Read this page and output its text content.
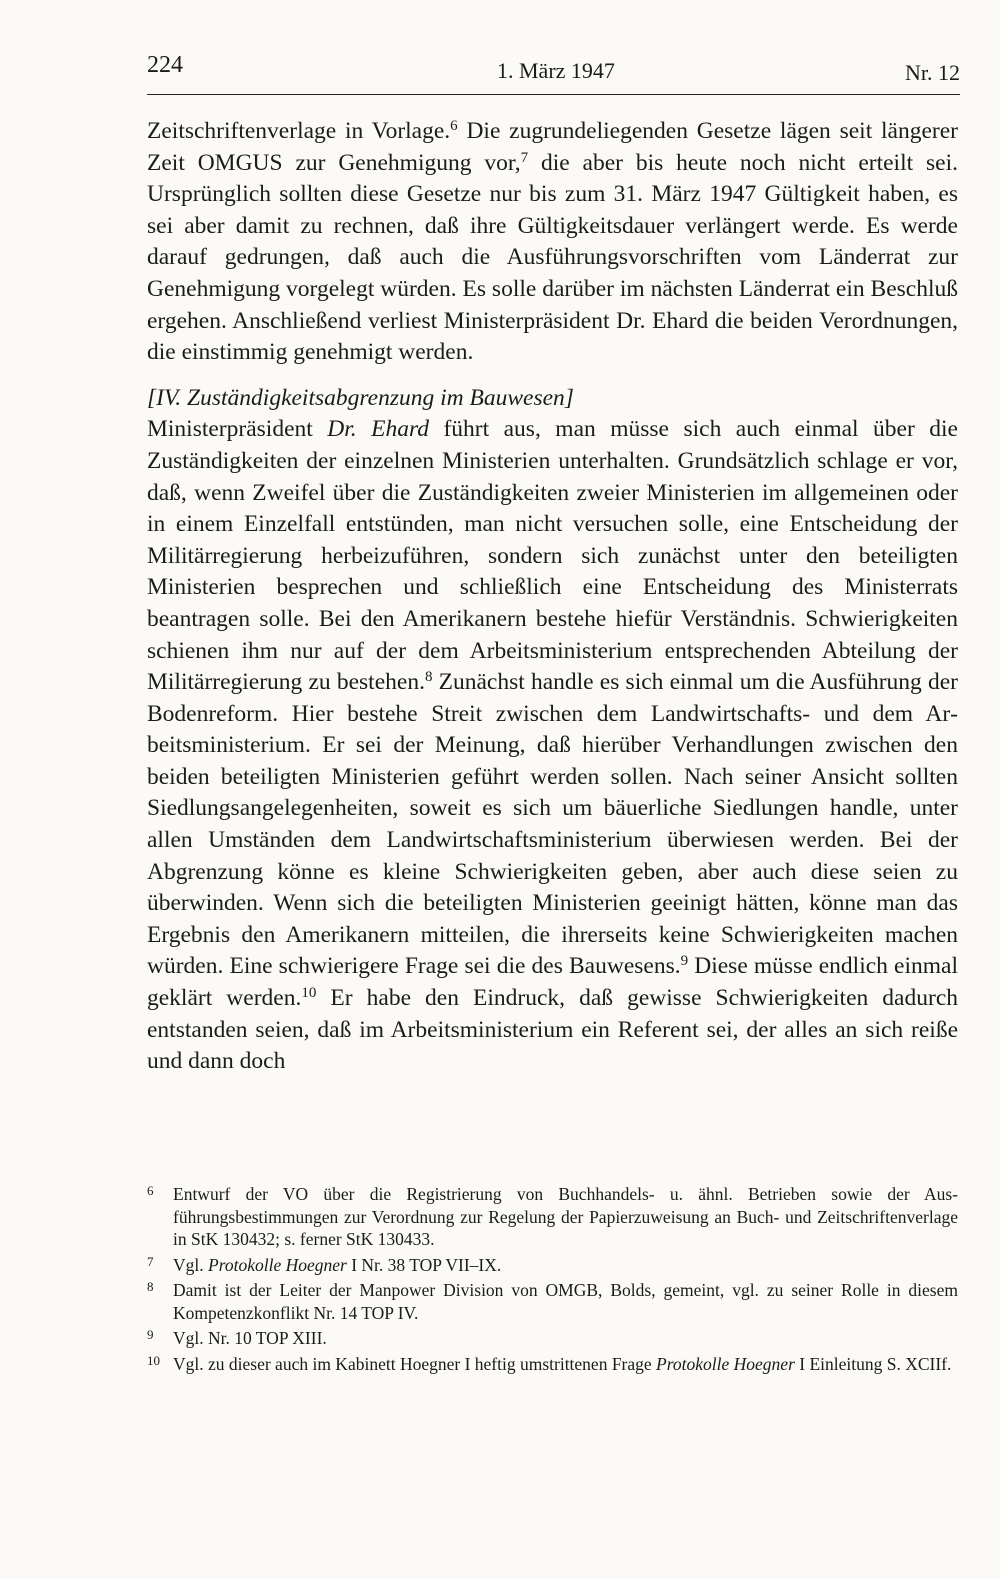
224	1. März 1947	Nr. 12

Zeitschriftenverlage in Vorlage.$^6$ Die zugrundeliegenden Gesetze lägen seit längerer Zeit OMGUS zur Genehmigung vor,$^7$ die aber bis heute noch nicht erteilt sei. Ursprünglich sollten diese Gesetze nur bis zum 31. März 1947 Gültigkeit haben, es sei aber damit zu rechnen, daß ihre Gültigkeitsdauer verlängert werde. Es werde darauf gedrungen, daß auch die Ausführungsvorschriften vom Länderrat zur Genehmigung vorgelegt würden. Es solle darüber im nächsten Länderrat ein Beschluß ergehen. Anschließend verliest Ministerpräsident Dr. Ehard die beiden Verordnungen, die einstimmig genehmigt werden.

[IV. Zuständigkeitsabgrenzung im Bauwesen]

Ministerpräsident Dr. Ehard führt aus, man müsse sich auch einmal über die Zuständigkeiten der einzelnen Ministerien unterhalten. Grundsätzlich schlage er vor, daß, wenn Zweifel über die Zuständigkeiten zweier Ministerien im allgemeinen oder in einem Einzelfall entstünden, man nicht versuchen solle, eine Entscheidung der Militärregierung herbeizuführen, sondern sich zunächst unter den beteiligten Ministerien besprechen und schließlich eine Entscheidung des Ministerrats beantragen solle. Bei den Amerikanern bestehe hiefür Verständnis. Schwierigkeiten schienen ihm nur auf der dem Arbeitsministerium entsprechenden Abteilung der Militärregierung zu bestehen.$^8$ Zunächst handle es sich einmal um die Ausführung der Bodenreform. Hier bestehe Streit zwischen dem Landwirtschafts- und dem Arbeitsministerium. Er sei der Meinung, daß hierüber Verhandlungen zwischen den beiden beteiligten Ministerien geführt werden sollen. Nach seiner Ansicht sollten Siedlungsangelegenheiten, soweit es sich um bäuerliche Siedlungen handle, unter allen Umständen dem Landwirtschaftsministerium überwiesen werden. Bei der Abgrenzung könne es kleine Schwierigkeiten geben, aber auch diese seien zu überwinden. Wenn sich die beteiligten Ministerien geeinigt hätten, könne man das Ergebnis den Amerikanern mitteilen, die ihrerseits keine Schwierigkeiten machen würden. Eine schwierigere Frage sei die des Bauwesens.$^9$ Diese müsse endlich einmal geklärt werden.$^{10}$ Er habe den Eindruck, daß gewisse Schwierigkeiten dadurch entstanden seien, daß im Arbeitsministerium ein Referent sei, der alles an sich reiße und dann doch

6 Entwurf der VO über die Registrierung von Buchhandels- u. ähnl. Betrieben sowie der Ausführungsbestimmungen zur Verordnung zur Regelung der Papierzuweisung an Buch- und Zeitschriftenverlage in StK 130432; s. ferner StK 130433.

7 Vgl. Protokolle Hoegner I Nr. 38 TOP VII–IX.

8 Damit ist der Leiter der Manpower Division von OMGB, Bolds, gemeint, vgl. zu seiner Rolle in diesem Kompetenzkonflikt Nr. 14 TOP IV.

9 Vgl. Nr. 10 TOP XIII.

10 Vgl. zu dieser auch im Kabinett Hoegner I heftig umstrittenen Frage Protokolle Hoegner I Einleitung S. XCIIf.
